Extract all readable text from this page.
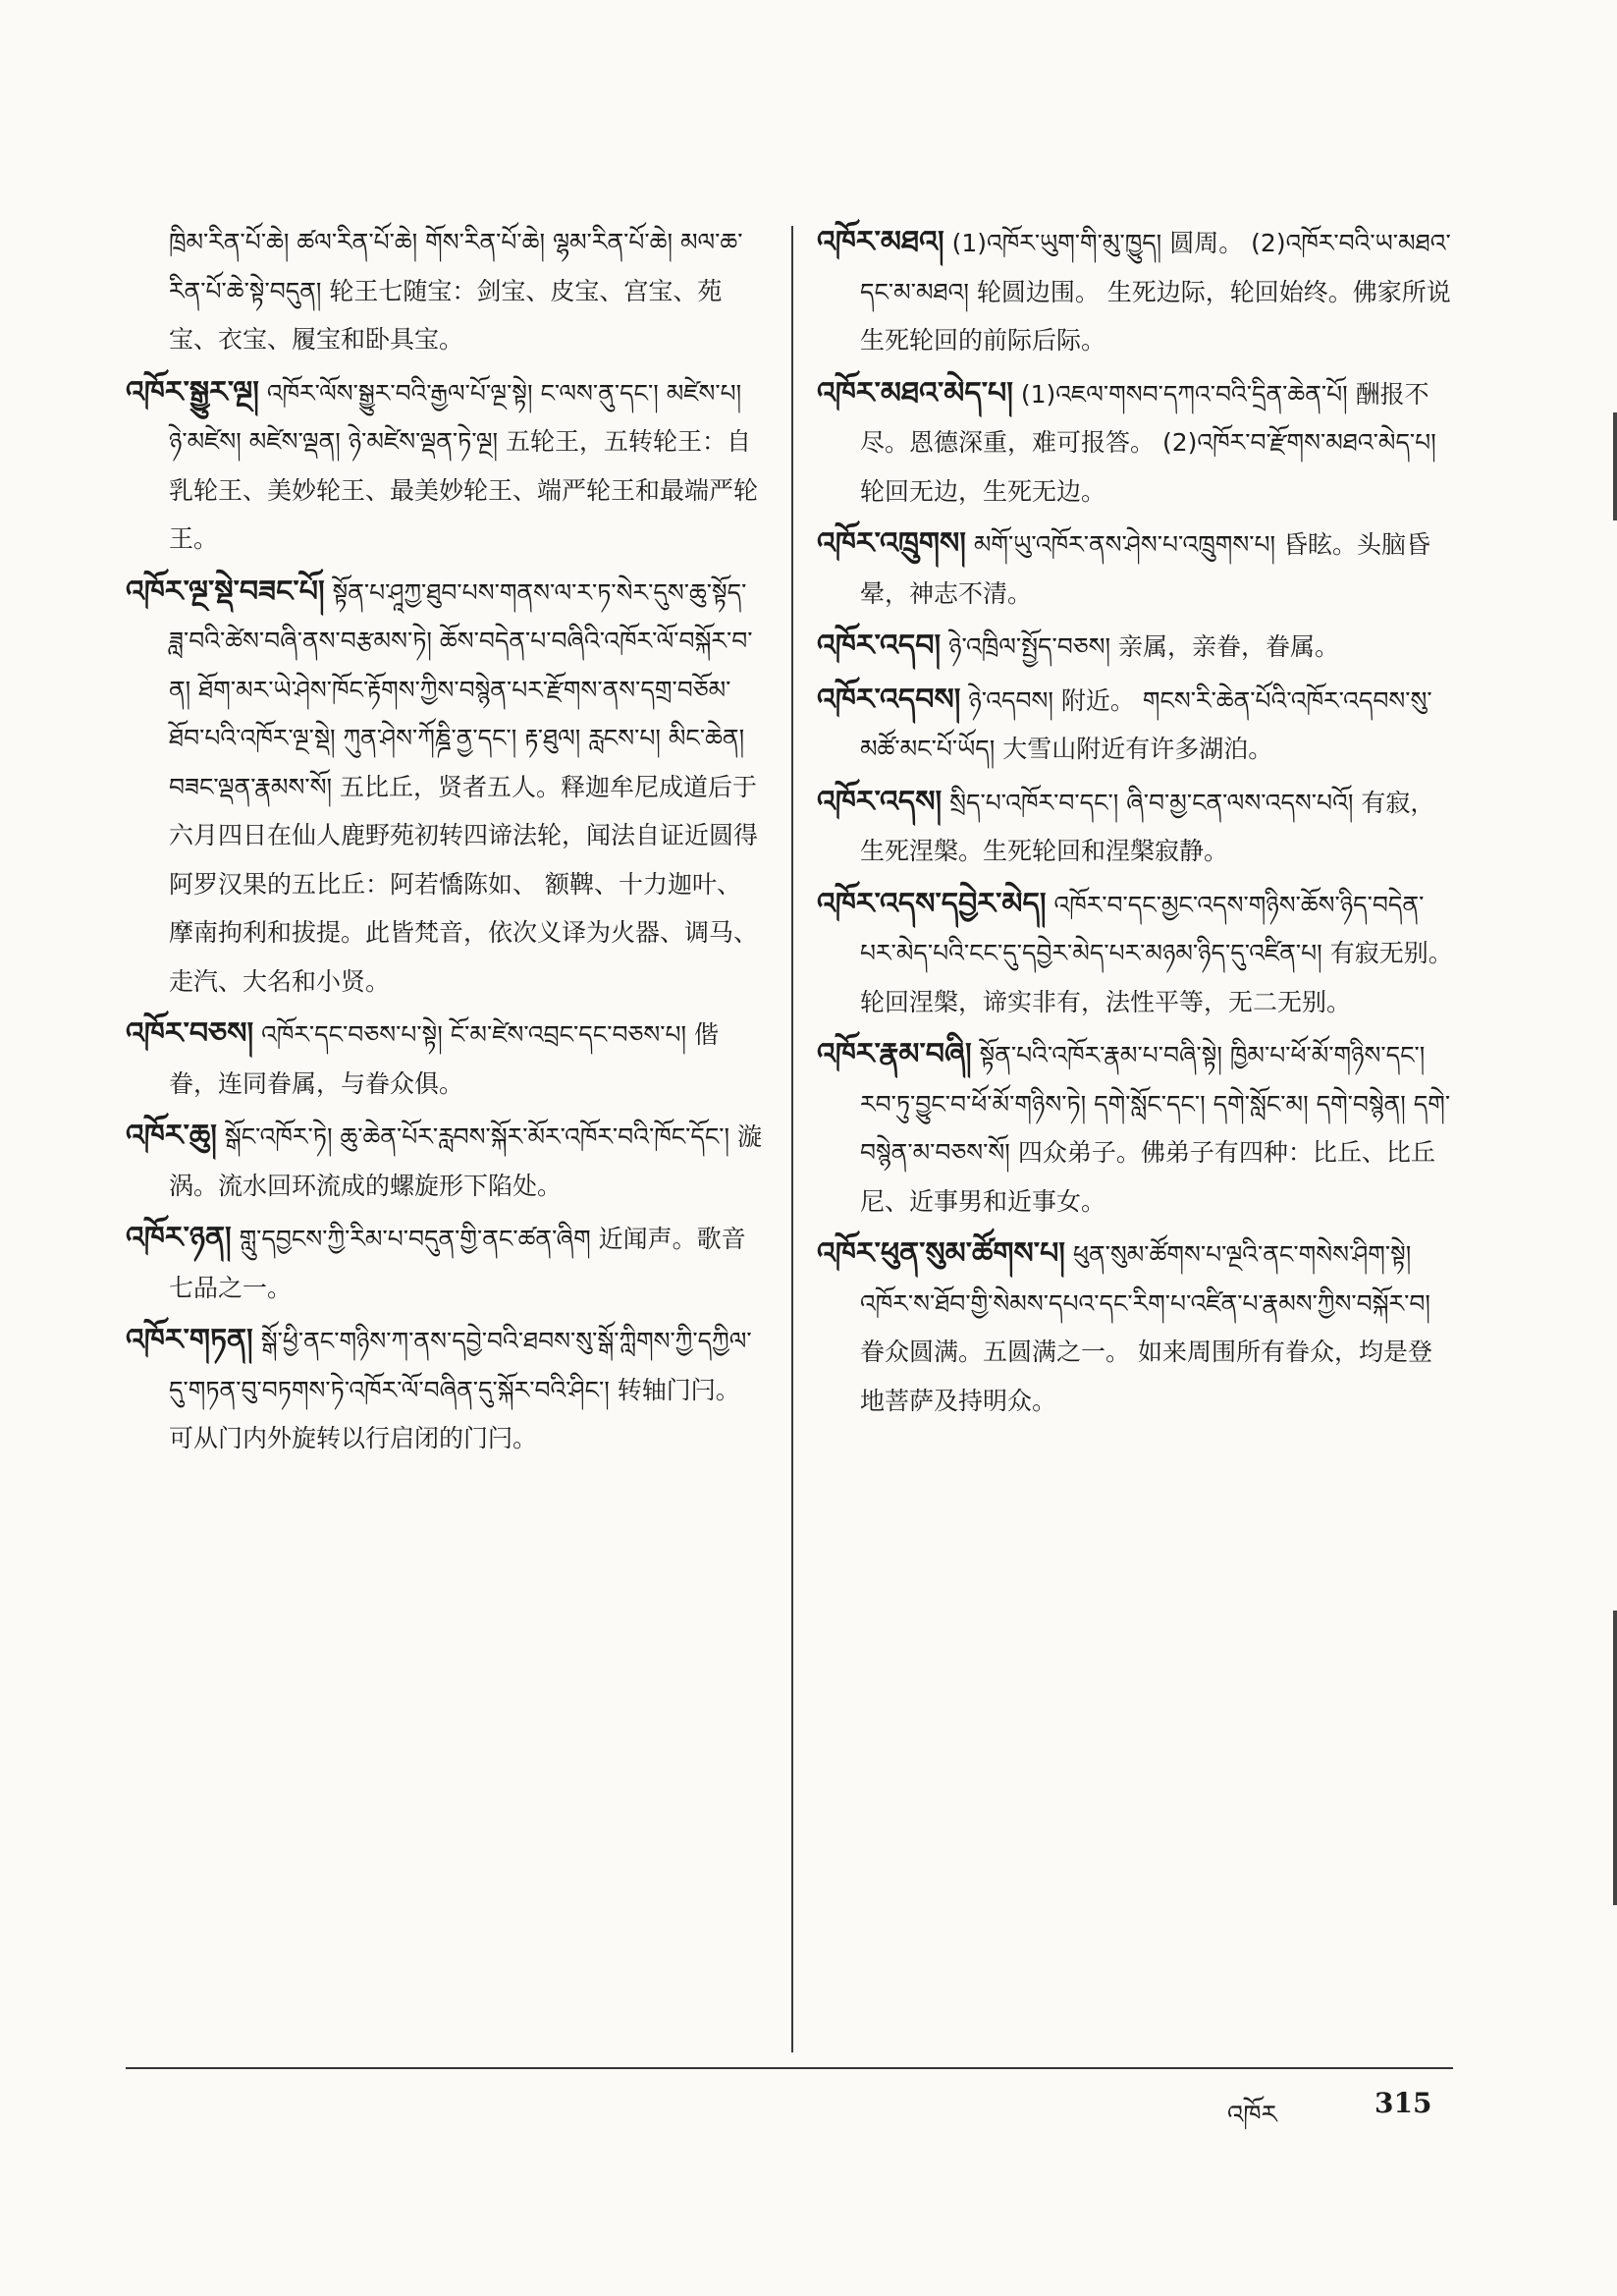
ཁྲིམ་རིན་པོ་ཆེ། ཚལ་རིན་པོ་ཆེ། གོས་རིན་པོ་ཆེ། ལྷམ་རིན་པོ་ཆེ། མལ་ཆ་རིན་པོ་ཆེ་སྟེ་བདུན། 轮王七随宝：剑宝、皮宝、宫宝、苑宝、衣宝、履宝和卧具宝。

འཁོར་སྒྱུར་ལྔ། འཁོར་ལོས་སྒྱུར་བའི་རྒྱལ་པོ་ལྔ་སྟེ། ང་ལས་ནུ་དང་། མཛེས་པ། ཉེ་མཛེས། མཛེས་ལྡན། ཉེ་མཛེས་ལྡན་ཏེ་ལྔ། 五轮王，五转轮王：自乳轮王、美妙轮王、最美妙轮王、端严轮王和最端严轮王。

འཁོར་ལྔ་སྡེ་བཟང་པོ། སྟོན་པ་ཤཱཀྱ་ཐུབ་པས་གནས་ལ་ར་ཏ་སེར་དུས་ཆུ་སྟོད་ཟླ་བའི་ཚེས་བཞི་ནས་བརྩམས་ཏེ། ཆོས་བདེན་པ་བཞིའི་འཁོར་ལོ་བསྐོར་བ་ན། ཐོག་མར་ཡེ་ཤེས་ཁོང་རྟོགས་ཀྱིས་བསྙེན་པར་རྫོགས་ནས་དགྲ་བཅོམ་ཐོབ་པའི་འཁོར་ལྔ་སྡེ། ཀུན་ཤེས་ཀོཎྜི་ནྱ་དང་། རྟ་ཐུལ། རླངས་པ། མིང་ཆེན། བཟང་ལྡན་རྣམས་སོ། 五比丘，贤者五人。释迦牟尼成道后于六月四日在仙人鹿野苑初转四谛法轮，闻法自证近圆得阿罗汉果的五比丘：阿若憍陈如、 额鞞、十力迦叶、摩南拘利和拔提。此皆梵音，依次义译为火器、调马、走汽、大名和小贤。

འཁོར་བཅས། འཁོར་དང་བཅས་པ་སྟེ། ངོ་མ་ཛེས་འབྲང་དང་བཅས་པ། 偕眷，连同眷属，与眷众俱。

འཁོར་ཆུ། སྒོང་འཁོར་ཏེ། ཆུ་ཆེན་པོར་རླབས་སྐོར་མོར་འཁོར་བའི་ཁོང་དོང་། 漩涡。流水回环流成的螺旋形下陷处。

འཁོར་ཉན། གླུ་དབྱངས་ཀྱི་རིམ་པ་བདུན་གྱི་ནང་ཚན་ཞིག 近闻声。歌音七品之一。

འཁོར་གཏན། སྒོ་ཕྱི་ནང་གཉིས་ཀ་ནས་དབྱེ་བའི་ཐབས་སུ་སྒོ་ཀླིགས་ཀྱི་དཀྱིལ་དུ་གཏན་བུ་བཏགས་ཏེ་འཁོར་ལོ་བཞིན་དུ་སྐོར་བའི་ཤིང་། 转轴门闩。可从门内外旋转以行启闭的门闩。

འཁོར་མཐའ། (1)འཁོར་ཡུག་གི་མུ་ཁྱུད། 圆周。 (2)འཁོར་བའི་ཡ་མཐའ་དང་མ་མཐའ། 轮圆边围。 生死边际，轮回始终。佛家所说生死轮回的前际后际。

འཁོར་མཐའ་མེད་པ། (1)འཇལ་གསབ་དཀའ་བའི་དྲིན་ཆེན་པོ། 酬报不尽。恩德深重，难可报答。 (2)འཁོར་བ་རྫོགས་མཐའ་མེད་པ། 轮回无边，生死无边。

འཁོར་འཁྲུགས། མགོ་ཡུ་འཁོར་ནས་ཤེས་པ་འཁྲུགས་པ། 昏眩。头脑昏晕，神志不清。

འཁོར་འདབ། ཉེ་འཁྲིལ་སྤྱོད་བཅས། 亲属，亲眷，眷属。

འཁོར་འདབས། ཉེ་འདབས། 附近。 གངས་རི་ཆེན་པོའི་འཁོར་འདབས་སུ་མཚོ་མང་པོ་ཡོད། 大雪山附近有许多湖泊。

འཁོར་འདས། སྲིད་པ་འཁོར་བ་དང་། ཞི་བ་མྱ་ངན་ལས་འདས་པའོ། 有寂，生死涅槃。生死轮回和涅槃寂静。

འཁོར་འདས་དབྱེར་མེད། འཁོར་བ་དང་མྱང་འདས་གཉིས་ཆོས་ཉིད་བདེན་པར་མེད་པའི་ངང་དུ་དབྱེར་མེད་པར་མཉམ་ཉིད་དུ་འཛིན་པ། 有寂无别。轮回涅槃，谛实非有，法性平等，无二无别。

འཁོར་རྣམ་བཞི། སྟོན་པའི་འཁོར་རྣམ་པ་བཞི་སྟེ། ཁྱིམ་པ་ཕོ་མོ་གཉིས་དང་། རབ་ཏུ་བྱུང་བ་ཕོ་མོ་གཉིས་ཏེ། དགེ་སློང་དང་། དགེ་སློང་མ། དགེ་བསྙེན། དགེ་བསྙེན་མ་བཅས་སོ། 四众弟子。佛弟子有四种：比丘、比丘尼、近事男和近事女。

འཁོར་ཕུན་སུམ་ཚོགས་པ། ཕུན་སུམ་ཚོགས་པ་ལྔའི་ནང་གསེས་ཤིག་སྟེ། འཁོར་ས་ཐོབ་གྱི་སེམས་དཔའ་དང་རིག་པ་འཛིན་པ་རྣམས་ཀྱིས་བསྐོར་བ། 眷众圆满。五圆满之一。 如来周围所有眷众，均是登地菩萨及持明众。

འཁོར	315
